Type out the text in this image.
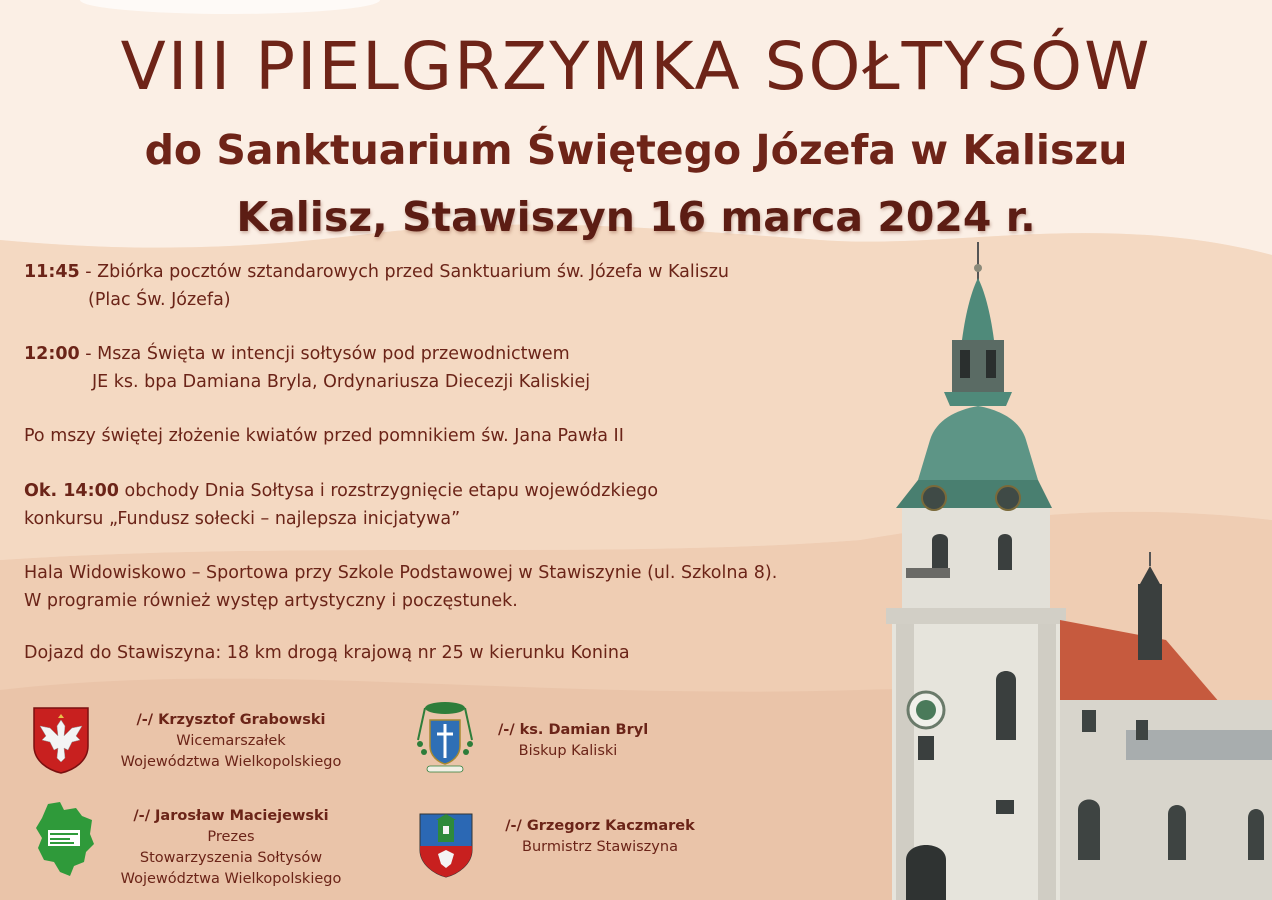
VIII PIELGRZYMKA SOŁTYSÓW
do Sanktuarium Świętego Józefa w Kaliszu
Kalisz, Stawiszyn 16 marca 2024 r.
11:45 - Zbiórka pocztów sztandarowych przed Sanktuarium św. Józefa w Kaliszu
(Plac Św. Józefa)
12:00 - Msza Święta w intencji sołtysów pod przewodnictwem
JE ks. bpa Damiana Bryla, Ordynariusza Diecezji Kaliskiej
Po mszy świętej złożenie kwiatów przed pomnikiem św. Jana Pawła II
Ok. 14:00 obchody Dnia Sołtysa i rozstrzygnięcie etapu wojewódzkiego
konkursu „Fundusz sołecki – najlepsza inicjatywa”
Hala Widowiskowo – Sportowa przy Szkole Podstawowej w Stawiszynie (ul. Szkolna 8).
W programie również występ artystyczny i poczęstunek.
Dojazd do Stawiszyna: 18 km drogą krajową nr 25 w kierunku Konina
/-/ Krzysztof Grabowski
Wicemarszałek
Województwa Wielkopolskiego
/-/ ks. Damian Bryl
Biskup Kaliski
/-/ Jarosław Maciejewski
Prezes
Stowarzyszenia Sołtysów
Województwa Wielkopolskiego
/-/ Grzegorz Kaczmarek
Burmistrz Stawiszyna
